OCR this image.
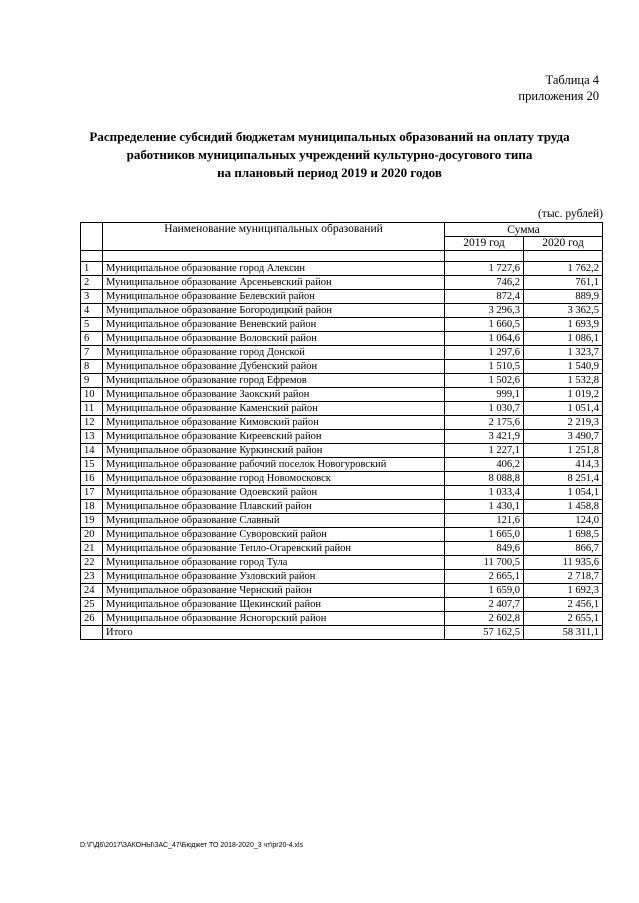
Таблица 4
приложения 20
Распределение субсидий бюджетам муниципальных образований на оплату труда
работников муниципальных учреждений культурно-досугового типа
на плановый период 2019 и 2020 годов
(тыс. рублей)
	Наименование муниципальных образований	Сумма	
		2019 год	2020 год

1	Муниципальное образование город Алексин	1 727,6	1 762,2
2	Муниципальное образование Арсеньевский район	746,2	761,1
3	Муниципальное образование Белевский район	872,4	889,9
4	Муниципальное образование Богородицкий район	3 296,3	3 362,5
5	Муниципальное образование Веневский район	1 660,5	1 693,9
6	Муниципальное образование Воловский район	1 064,6	1 086,1
7	Муниципальное образование город Донской	1 297,6	1 323,7
8	Муниципальное образование Дубенский район	1 510,5	1 540,9
9	Муниципальное образование город Ефремов	1 502,6	1 532,8
10	Муниципальное образование Заокский район	999,1	1 019,2
11	Муниципальное образование Каменский район	1 030,7	1 051,4
12	Муниципальное образование Кимовский район	2 175,6	2 219,3
13	Муниципальное образование Киреевский район	3 421,9	3 490,7
14	Муниципальное образование Куркинский район	1 227,1	1 251,8
15	Муниципальное образование рабочий поселок Новогуровский	406,2	414,3
16	Муниципальное образование город Новомосковск	8 088,8	8 251,4
17	Муниципальное образование Одоевский район	1 033,4	1 054,1
18	Муниципальное образование Плавский район	1 430,1	1 458,8
19	Муниципальное образование Славный	121,6	124,0
20	Муниципальное образование Суворовский район	1 665,0	1 698,5
21	Муниципальное образование Тепло-Огаревский район	849,6	866,7
22	Муниципальное образование город Тула	11 700,5	11 935,6
23	Муниципальное образование Узловский район	2 665,1	2 718,7
24	Муниципальное образование Чернский район	1 659,0	1 692,3
25	Муниципальное образование Щекинский район	2 407,7	2 456,1
26	Муниципальное образование Ясногорский район	2 602,8	2 655,1
	Итого	57 162,5	58 311,1
D:\Г\Д6\2017\ЗАКОНЫ\ЗАС_47\Бюджет ТО 2018-2020_3 чт\pr20-4.xls
